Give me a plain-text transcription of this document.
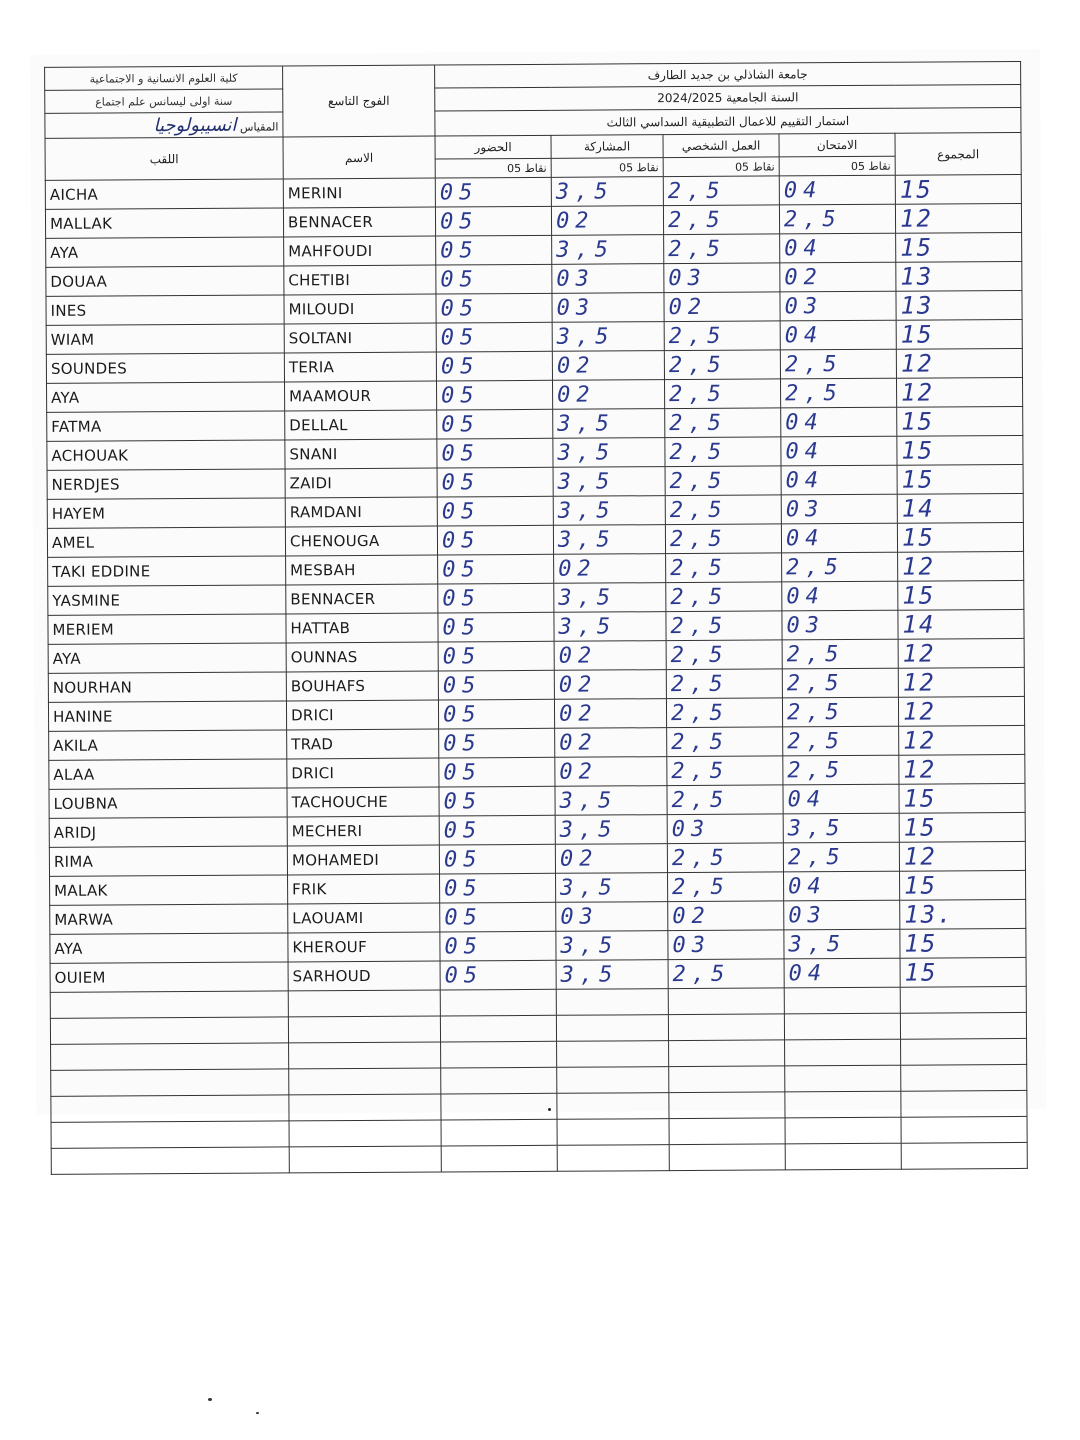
كلية العلوم الانسانية و الاجتماعية	الفوج التاسع	جامعة الشاذلي بن جديد الطارف				
سنة اولى ليسانس علم اجتماع		السنة الجامعية 2024/2025				
المقياس انسيبولوجيا		استمار التقييم للاعمال التطبيقية السداسي الثالث				
اللقب	الاسم	الحضور	المشاركة	العمل الشخصي	الامتحان	المجموع
		نقاط 05	نقاط 05	نقاط 05	نقاط 05	
AICHA	MERINI	05	3,5	2,5	04	15
MALLAK	BENNACER	05	02	2,5	2,5	12
AYA	MAHFOUDI	05	3,5	2,5	04	15
DOUAA	CHETIBI	05	03	03	02	13
INES	MILOUDI	05	03	02	03	13
WIAM	SOLTANI	05	3,5	2,5	04	15
SOUNDES	TERIA	05	02	2,5	2,5	12
AYA	MAAMOUR	05	02	2,5	2,5	12
FATMA	DELLAL	05	3,5	2,5	04	15
ACHOUAK	SNANI	05	3,5	2,5	04	15
NERDJES	ZAIDI	05	3,5	2,5	04	15
HAYEM	RAMDANI	05	3,5	2,5	03	14
AMEL	CHENOUGA	05	3,5	2,5	04	15
TAKI EDDINE	MESBAH	05	02	2,5	2,5	12
YASMINE	BENNACER	05	3,5	2,5	04	15
MERIEM	HATTAB	05	3,5	2,5	03	14
AYA	OUNNAS	05	02	2,5	2,5	12
NOURHAN	BOUHAFS	05	02	2,5	2,5	12
HANINE	DRICI	05	02	2,5	2,5	12
AKILA	TRAD	05	02	2,5	2,5	12
ALAA	DRICI	05	02	2,5	2,5	12
LOUBNA	TACHOUCHE	05	3,5	2,5	04	15
ARIDJ	MECHERI	05	3,5	03	3,5	15
RIMA	MOHAMEDI	05	02	2,5	2,5	12
MALAK	FRIK	05	3,5	2,5	04	15
MARWA	LAOUAMI	05	03	02	03	13.
AYA	KHEROUF	05	3,5	03	3,5	15
OUIEM	SARHOUD	05	3,5	2,5	04	15
